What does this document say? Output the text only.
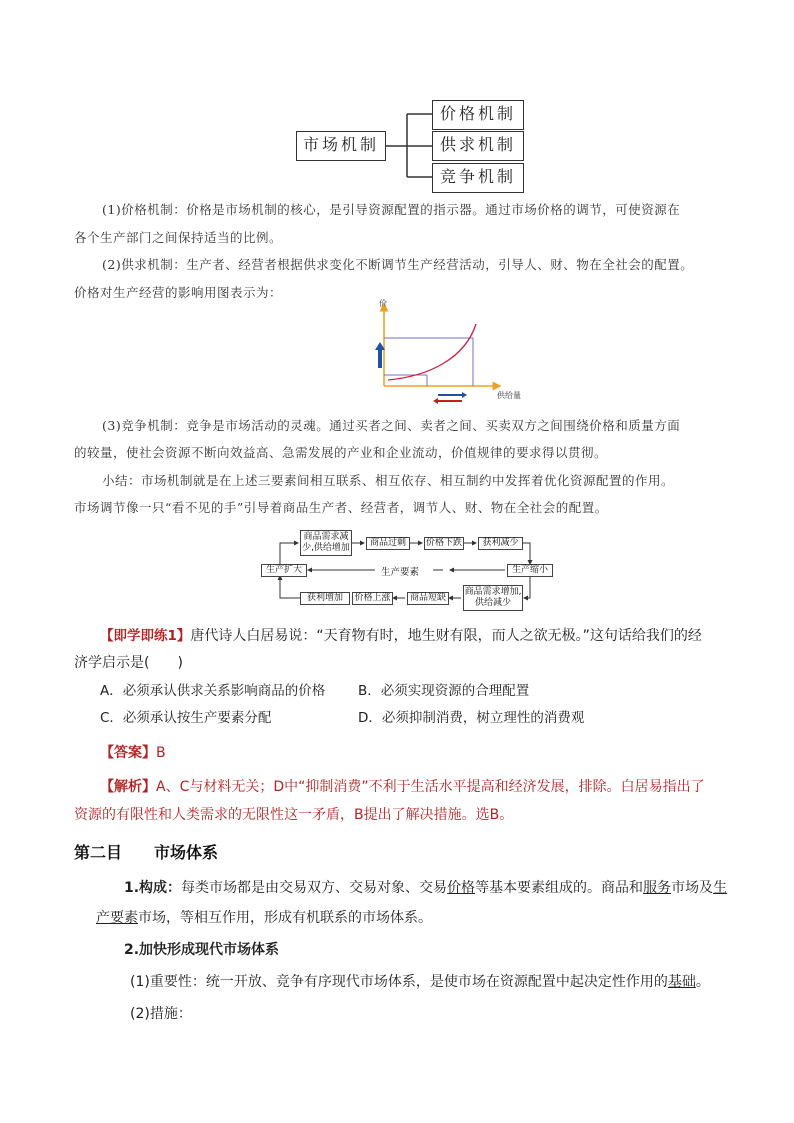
市场机制
价格机制
供求机制
竞争机制
(1)价格机制：价格是市场机制的核心，是引导资源配置的指示器。通过市场价格的调节，可使资源在
各个生产部门之间保持适当的比例。
(2)供求机制：生产者、经营者根据供求变化不断调节生产经营活动，引导人、财、物在全社会的配置。
价格对生产经营的影响用图表示为：
价
供给量
(3)竞争机制：竞争是市场活动的灵魂。通过买者之间、卖者之间、买卖双方之间围绕价格和质量方面
的较量，使社会资源不断向效益高、急需发展的产业和企业流动，价值规律的要求得以贯彻。
小结：市场机制就是在上述三要素间相互联系、相互依存、相互制约中发挥着优化资源配置的作用。
市场调节像一只“看不见的手”引导着商品生产者、经营者，调节人、财、物在全社会的配置。
商品需求减少,供给增加	商品过剩	价格下跌	获利减少
生产扩大	生产要素	生产缩小
获利增加	价格上涨	商品短缺
商品需求增加,供给减少
【即学即练1】唐代诗人白居易说：“天育物有时，地生财有限，而人之欲无极。”这句话给我们的经
济学启示是(　　)
A．必须承认供求关系影响商品的价格 B．必须实现资源的合理配置
C．必须承认按生产要素分配	D．必须抑制消费，树立理性的消费观
【答案】B
【解析】A、C与材料无关；D中“抑制消费”不利于生活水平提高和经济发展，排除。白居易指出了
资源的有限性和人类需求的无限性这一矛盾，B提出了解决措施。选B。
第二目　　市场体系
1.构成：每类市场都是由交易双方、交易对象、交易价格等基本要素组成的。商品和服务市场及生
产要素市场，等相互作用，形成有机联系的市场体系。
2.加快形成现代市场体系
(1)重要性：统一开放、竞争有序现代市场体系，是使市场在资源配置中起决定性作用的基础。
(2)措施：
